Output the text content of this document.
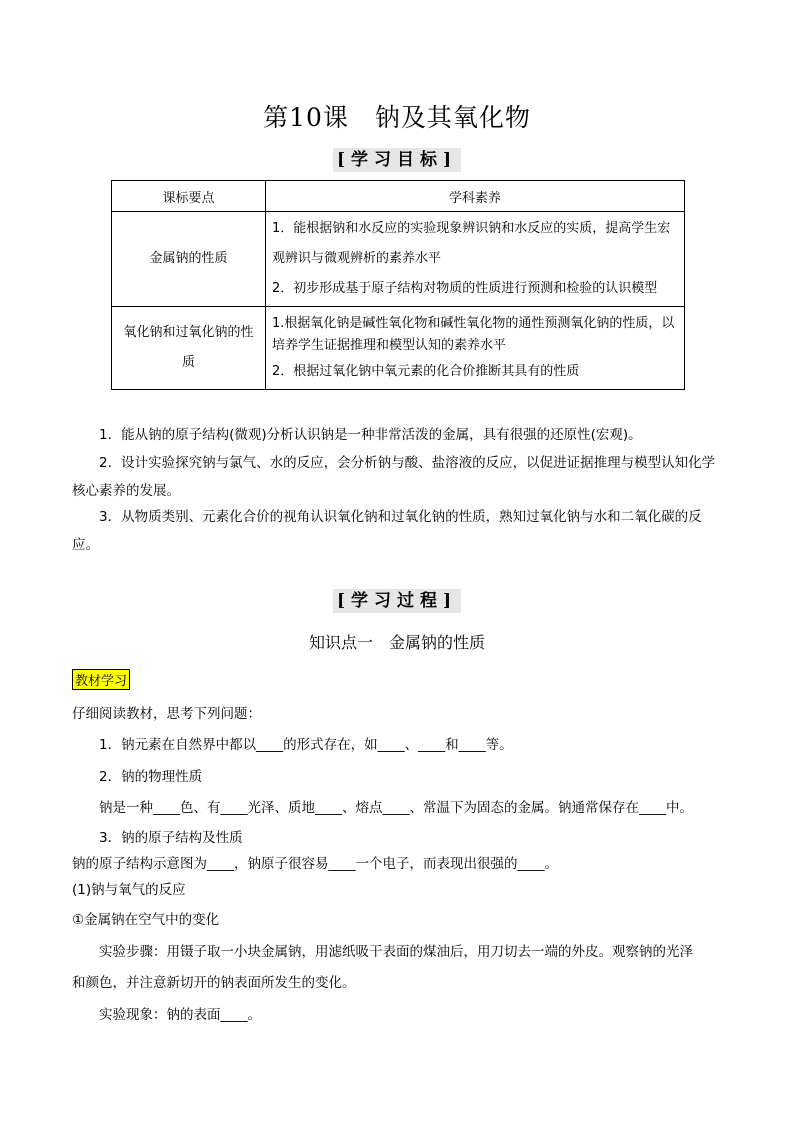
第10课　钠及其氧化物
[学习目标]
课标要点	学科素养
金属钠的性质	1．能根据钠和水反应的实验现象辨识钠和水反应的实质，提高学生宏观辨识与微观辨析的素养水平

2．初步形成基于原子结构对物质的性质进行预测和检验的认识模型

氧化钠和过氧化钠的性质	1.根据氧化钠是碱性氧化物和碱性氧化物的通性预测氧化钠的性质，以培养学生证据推理和模型认知的素养水平

2．根据过氧化钠中氧元素的化合价推断其具有的性质

1．能从钠的原子结构(微观)分析认识钠是一种非常活泼的金属，具有很强的还原性(宏观)。
2．设计实验探究钠与氯气、水的反应，会分析钠与酸、盐溶液的反应，以促进证据推理与模型认知化学核心素养的发展。
3．从物质类别、元素化合价的视角认识氧化钠和过氧化钠的性质，熟知过氧化钠与水和二氧化碳的反应。
[学习过程]
知识点一　金属钠的性质
教材学习
仔细阅读教材，思考下列问题：
1．钠元素在自然界中都以____的形式存在，如____、____和____等。
2．钠的物理性质
钠是一种____色、有____光泽、质地____、熔点____、常温下为固态的金属。钠通常保存在____中。
3．钠的原子结构及性质
钠的原子结构示意图为____，钠原子很容易____一个电子，而表现出很强的____。
(1)钠与氧气的反应
①金属钠在空气中的变化
实验步骤：用镊子取一小块金属钠，用滤纸吸干表面的煤油后，用刀切去一端的外皮。观察钠的光泽
和颜色，并注意新切开的钠表面所发生的变化。
实验现象：钠的表面____。
